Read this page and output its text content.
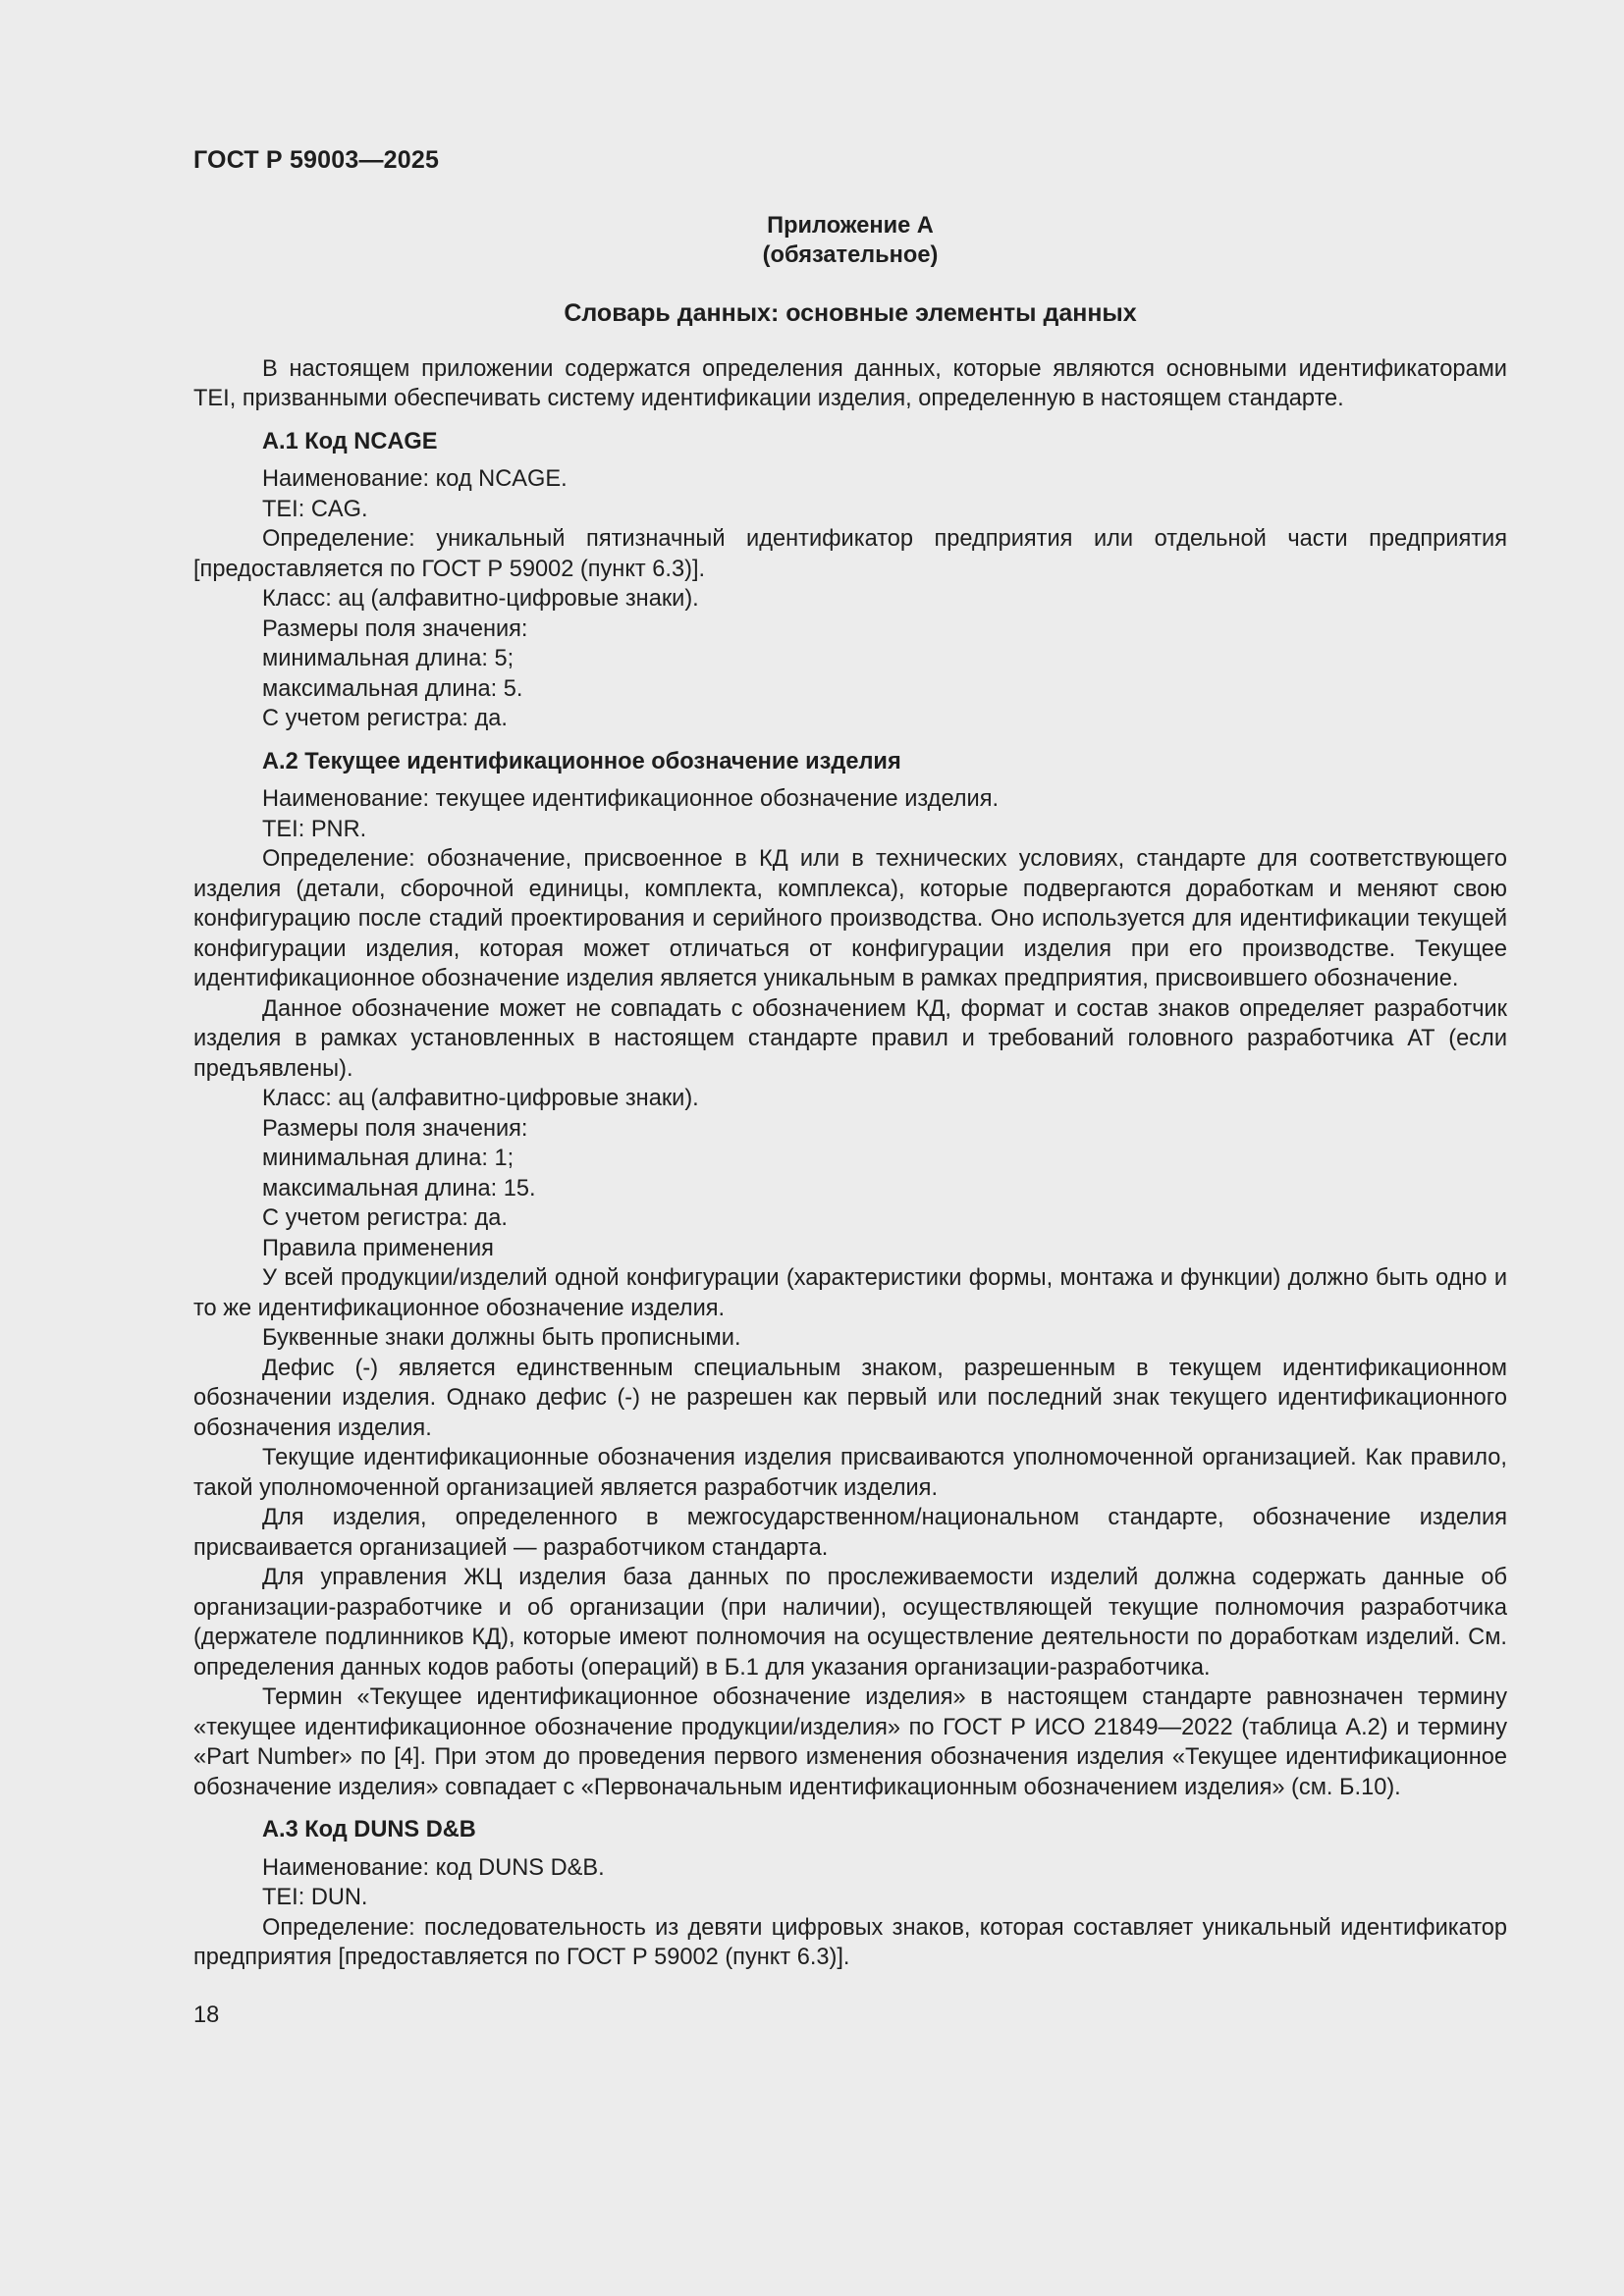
ГОСТ Р 59003—2025
Приложение А
(обязательное)
Словарь данных: основные элементы данных

В настоящем приложении содержатся определения данных, которые являются основными идентификаторами TEI, призванными обеспечивать систему идентификации изделия, определенную в настоящем стандарте.

А.1 Код NCAGE

Наименование: код NCAGE.

TEI: CAG.

Определение: уникальный пятизначный идентификатор предприятия или отдельной части предприятия [предоставляется по ГОСТ Р 59002 (пункт 6.3)].

Класс: ац (алфавитно-цифровые знаки).

Размеры поля значения:

минимальная длина: 5;

максимальная длина: 5.

С учетом регистра: да.

А.2 Текущее идентификационное обозначение изделия

Наименование: текущее идентификационное обозначение изделия.

TEI: PNR.

Определение: обозначение, присвоенное в КД или в технических условиях, стандарте для соответствующего изделия (детали, сборочной единицы, комплекта, комплекса), которые подвергаются доработкам и меняют свою конфигурацию после стадий проектирования и серийного производства. Оно используется для идентификации текущей конфигурации изделия, которая может отличаться от конфигурации изделия при его производстве. Текущее идентификационное обозначение изделия является уникальным в рамках предприятия, присвоившего обозначение.

Данное обозначение может не совпадать с обозначением КД, формат и состав знаков определяет разработчик изделия в рамках установленных в настоящем стандарте правил и требований головного разработчика АТ (если предъявлены).

Класс: ац (алфавитно-цифровые знаки).

Размеры поля значения:

минимальная длина: 1;

максимальная длина: 15.

С учетом регистра: да.

Правила применения

У всей продукции/изделий одной конфигурации (характеристики формы, монтажа и функции) должно быть одно и то же идентификационное обозначение изделия.

Буквенные знаки должны быть прописными.

Дефис (-) является единственным специальным знаком, разрешенным в текущем идентификационном обозначении изделия. Однако дефис (-) не разрешен как первый или последний знак текущего идентификационного обозначения изделия.

Текущие идентификационные обозначения изделия присваиваются уполномоченной организацией. Как правило, такой уполномоченной организацией является разработчик изделия.

Для изделия, определенного в межгосударственном/национальном стандарте, обозначение изделия присваивается организацией — разработчиком стандарта.

Для управления ЖЦ изделия база данных по прослеживаемости изделий должна содержать данные об организации-разработчике и об организации (при наличии), осуществляющей текущие полномочия разработчика (держателе подлинников КД), которые имеют полномочия на осуществление деятельности по доработкам изделий. См. определения данных кодов работы (операций) в Б.1 для указания организации-разработчика.

Термин «Текущее идентификационное обозначение изделия» в настоящем стандарте равнозначен термину «текущее идентификационное обозначение продукции/изделия» по ГОСТ Р ИСО 21849—2022 (таблица А.2) и термину «Part Number» по [4]. При этом до проведения первого изменения обозначения изделия «Текущее идентификационное обозначение изделия» совпадает с «Первоначальным идентификационным обозначением изделия» (см. Б.10).

А.3 Код DUNS D&B

Наименование: код DUNS D&B.

TEI: DUN.

Определение: последовательность из девяти цифровых знаков, которая составляет уникальный идентификатор предприятия [предоставляется по ГОСТ Р 59002 (пункт 6.3)].

18
